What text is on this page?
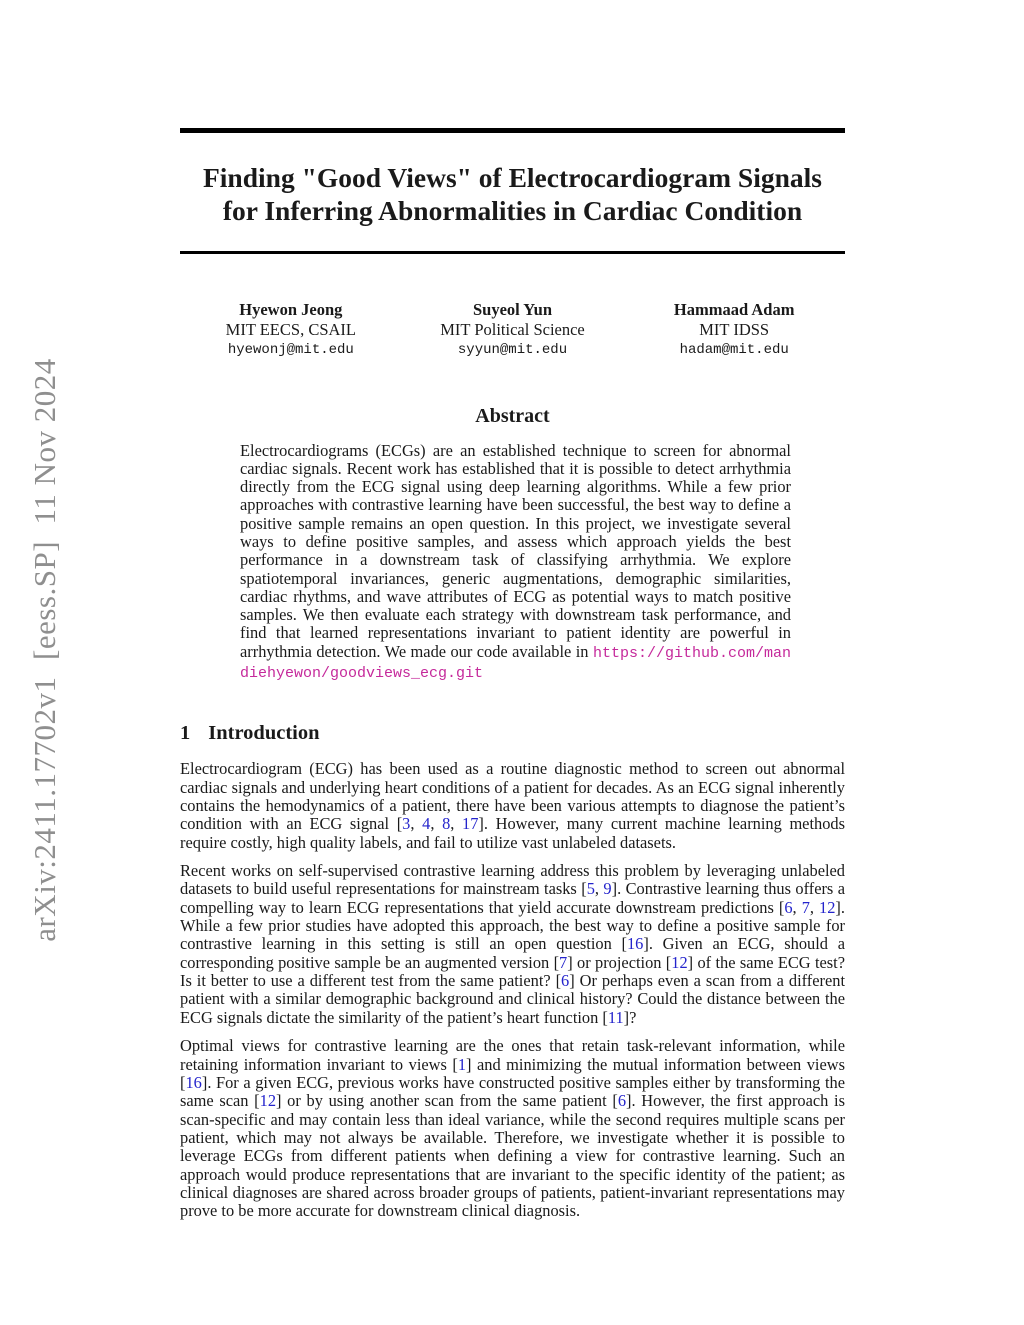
arXiv:2411.17702v1  [eess.SP]  11 Nov 2024
Finding "Good Views" of Electrocardiogram Signals for Inferring Abnormalities in Cardiac Condition
Hyewon Jeong
MIT EECS, CSAIL
hyewonj@mit.edu
Suyeol Yun
MIT Political Science
syyun@mit.edu
Hammaad Adam
MIT IDSS
hadam@mit.edu
Abstract

Electrocardiograms (ECGs) are an established technique to screen for abnormal cardiac signals. Recent work has established that it is possible to detect arrhythmia directly from the ECG signal using deep learning algorithms. While a few prior approaches with contrastive learning have been successful, the best way to define a positive sample remains an open question. In this project, we investigate several ways to define positive samples, and assess which approach yields the best performance in a downstream task of classifying arrhythmia. We explore spatiotemporal invariances, generic augmentations, demographic similarities, cardiac rhythms, and wave attributes of ECG as potential ways to match positive samples. We then evaluate each strategy with downstream task performance, and find that learned representations invariant to patient identity are powerful in arrhythmia detection. We made our code available in https://github.com/mandiehyewon/goodviews_ecg.git

1 Introduction

Electrocardiogram (ECG) has been used as a routine diagnostic method to screen out abnormal cardiac signals and underlying heart conditions of a patient for decades. As an ECG signal inherently contains the hemodynamics of a patient, there have been various attempts to diagnose the patient’s condition with an ECG signal [3, 4, 8, 17]. However, many current machine learning methods require costly, high quality labels, and fail to utilize vast unlabeled datasets.

Recent works on self-supervised contrastive learning address this problem by leveraging unlabeled datasets to build useful representations for mainstream tasks [5, 9]. Contrastive learning thus offers a compelling way to learn ECG representations that yield accurate downstream predictions [6, 7, 12]. While a few prior studies have adopted this approach, the best way to define a positive sample for contrastive learning in this setting is still an open question [16]. Given an ECG, should a corresponding positive sample be an augmented version [7] or projection [12] of the same ECG test? Is it better to use a different test from the same patient? [6] Or perhaps even a scan from a different patient with a similar demographic background and clinical history? Could the distance between the ECG signals dictate the similarity of the patient’s heart function [11]?

Optimal views for contrastive learning are the ones that retain task-relevant information, while retaining information invariant to views [1] and minimizing the mutual information between views [16]. For a given ECG, previous works have constructed positive samples either by transforming the same scan [12] or by using another scan from the same patient [6]. However, the first approach is scan-specific and may contain less than ideal variance, while the second requires multiple scans per patient, which may not always be available. Therefore, we investigate whether it is possible to leverage ECGs from different patients when defining a view for contrastive learning. Such an approach would produce representations that are invariant to the specific identity of the patient; as clinical diagnoses are shared across broader groups of patients, patient-invariant representations may prove to be more accurate for downstream clinical diagnosis.
